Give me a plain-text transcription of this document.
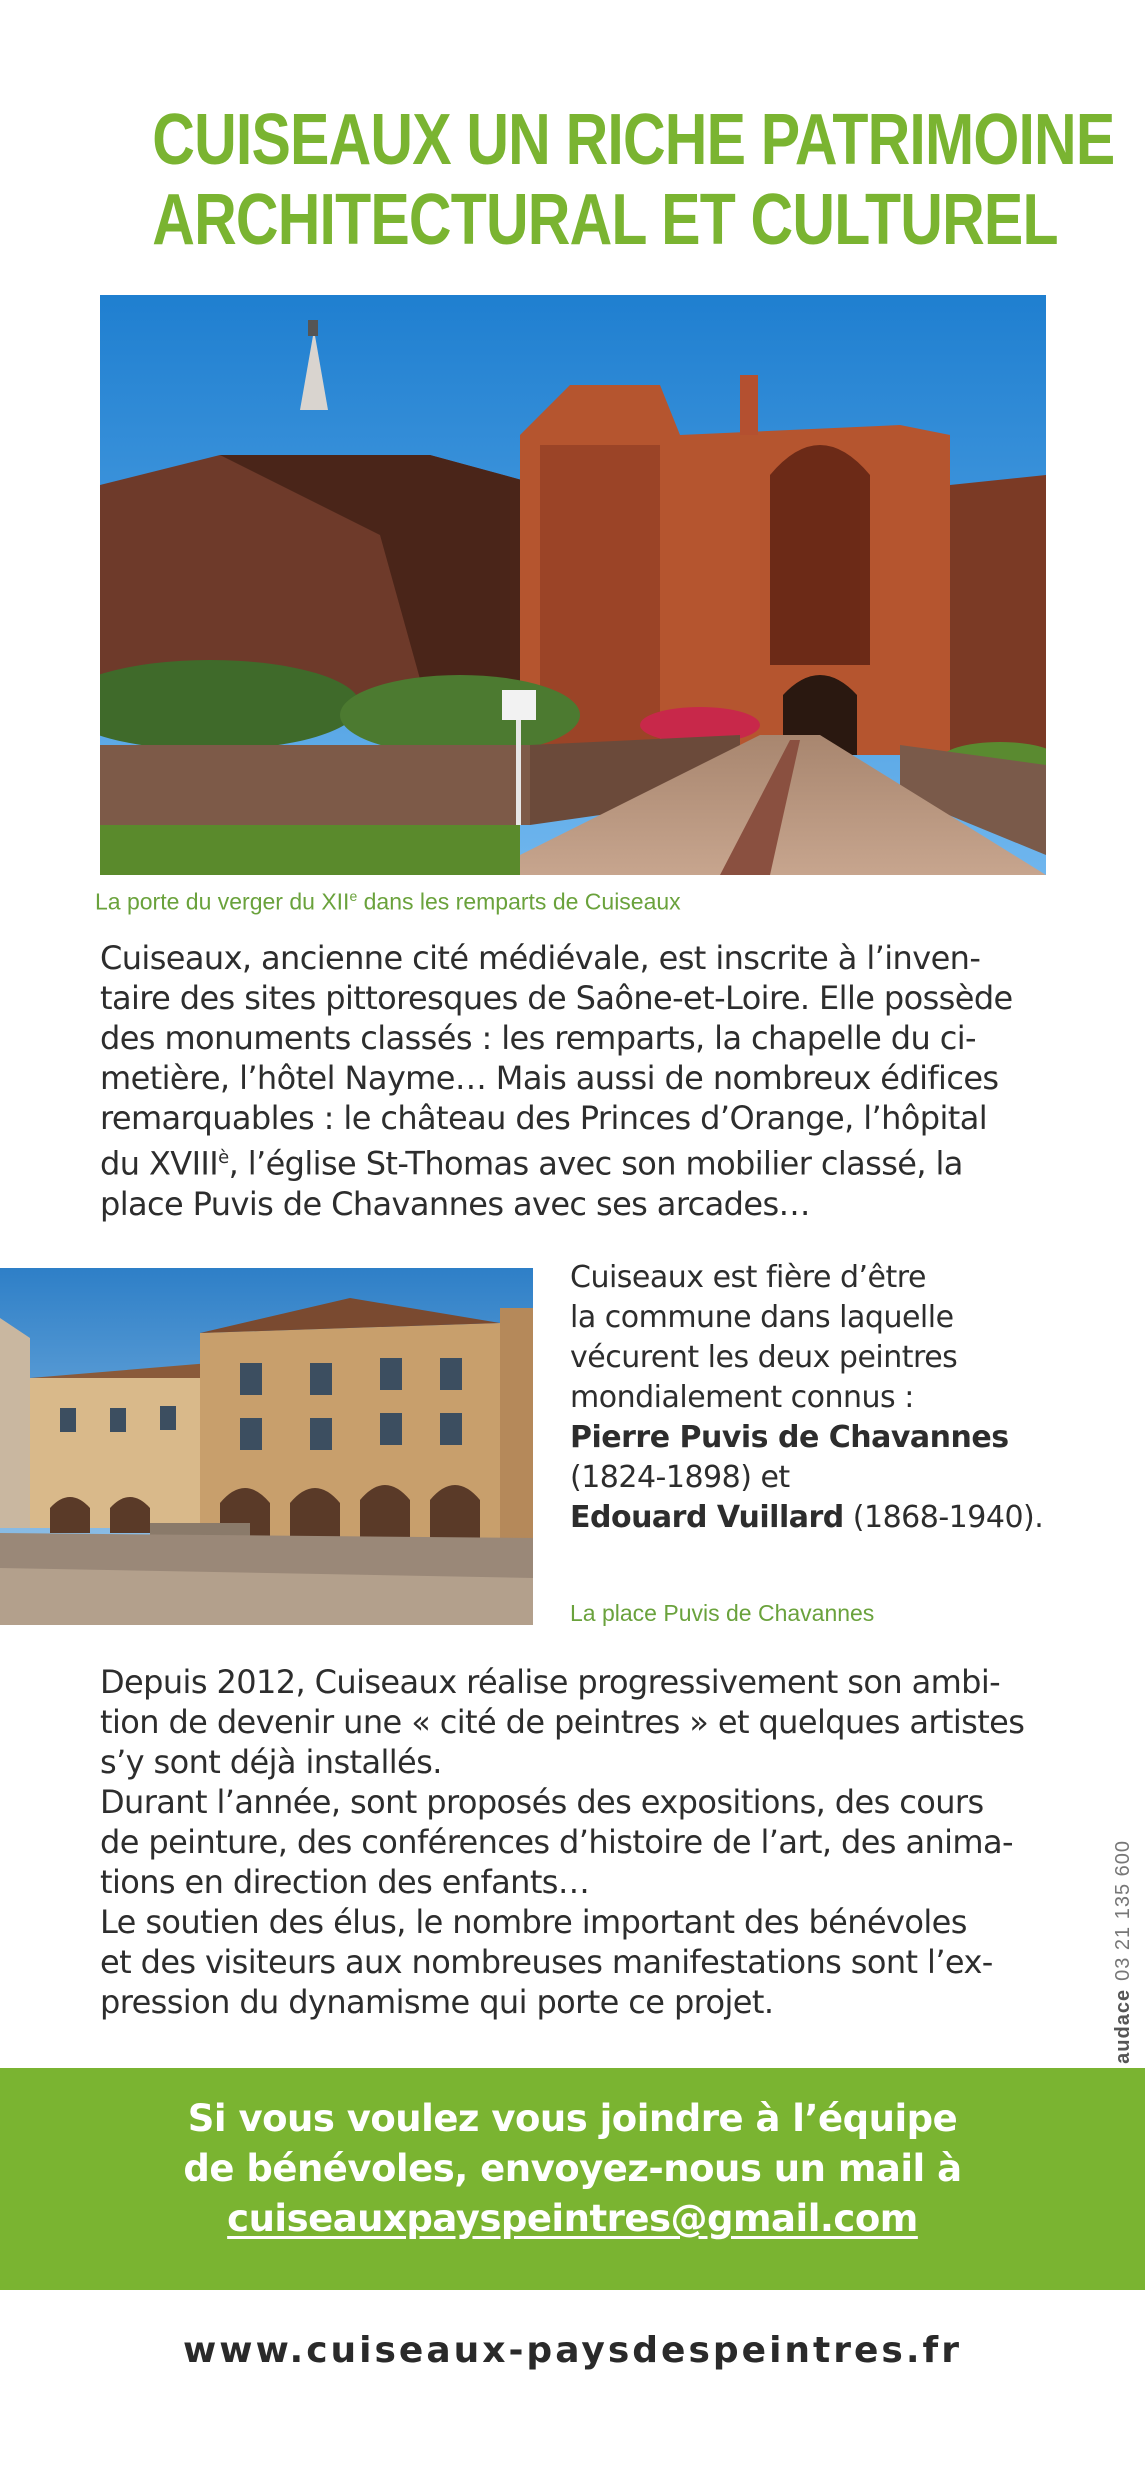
CUISEAUX UN RICHE PATRIMOINE
ARCHITECTURAL ET CULTUREL

La porte du verger du XIIe dans les remparts de Cuiseaux

Cuiseaux, ancienne cité médiévale, est inscrite à l’inven-
taire des sites pittoresques de Saône-et-Loire. Elle possède
des monuments classés : les remparts, la chapelle du ci-
metière, l’hôtel Nayme… Mais aussi de nombreux édifices
remarquables : le château des Princes d’Orange, l’hôpital
du $XVIII^è$, l’église St-Thomas avec son mobilier classé, la
place Puvis de Chavannes avec ses arcades…
Cuiseaux est fière d’être
la commune dans laquelle
vécurent les deux peintres
mondialement connus :
Pierre Puvis de Chavannes
(1824-1898) et
Edouard Vuillard (1868-1940).

La place Puvis de Chavannes

Depuis 2012, Cuiseaux réalise progressivement son ambi-
tion de devenir une « cité de peintres » et quelques artistes
s’y sont déjà installés.
Durant l’année, sont proposés des expositions, des cours
de peinture, des conférences d’histoire de l’art, des anima-
tions en direction des enfants…
Le soutien des élus, le nombre important des bénévoles
et des visiteurs aux nombreuses manifestations sont l’ex-
pression du dynamisme qui porte ce projet.	audace03 21 135 600
Si vous voulez vous joindre à l’équipe
de bénévoles, envoyez-nous un mail à
cuiseauxpayspeintres@gmail.com
www.cuiseaux-paysdespeintres.fr
